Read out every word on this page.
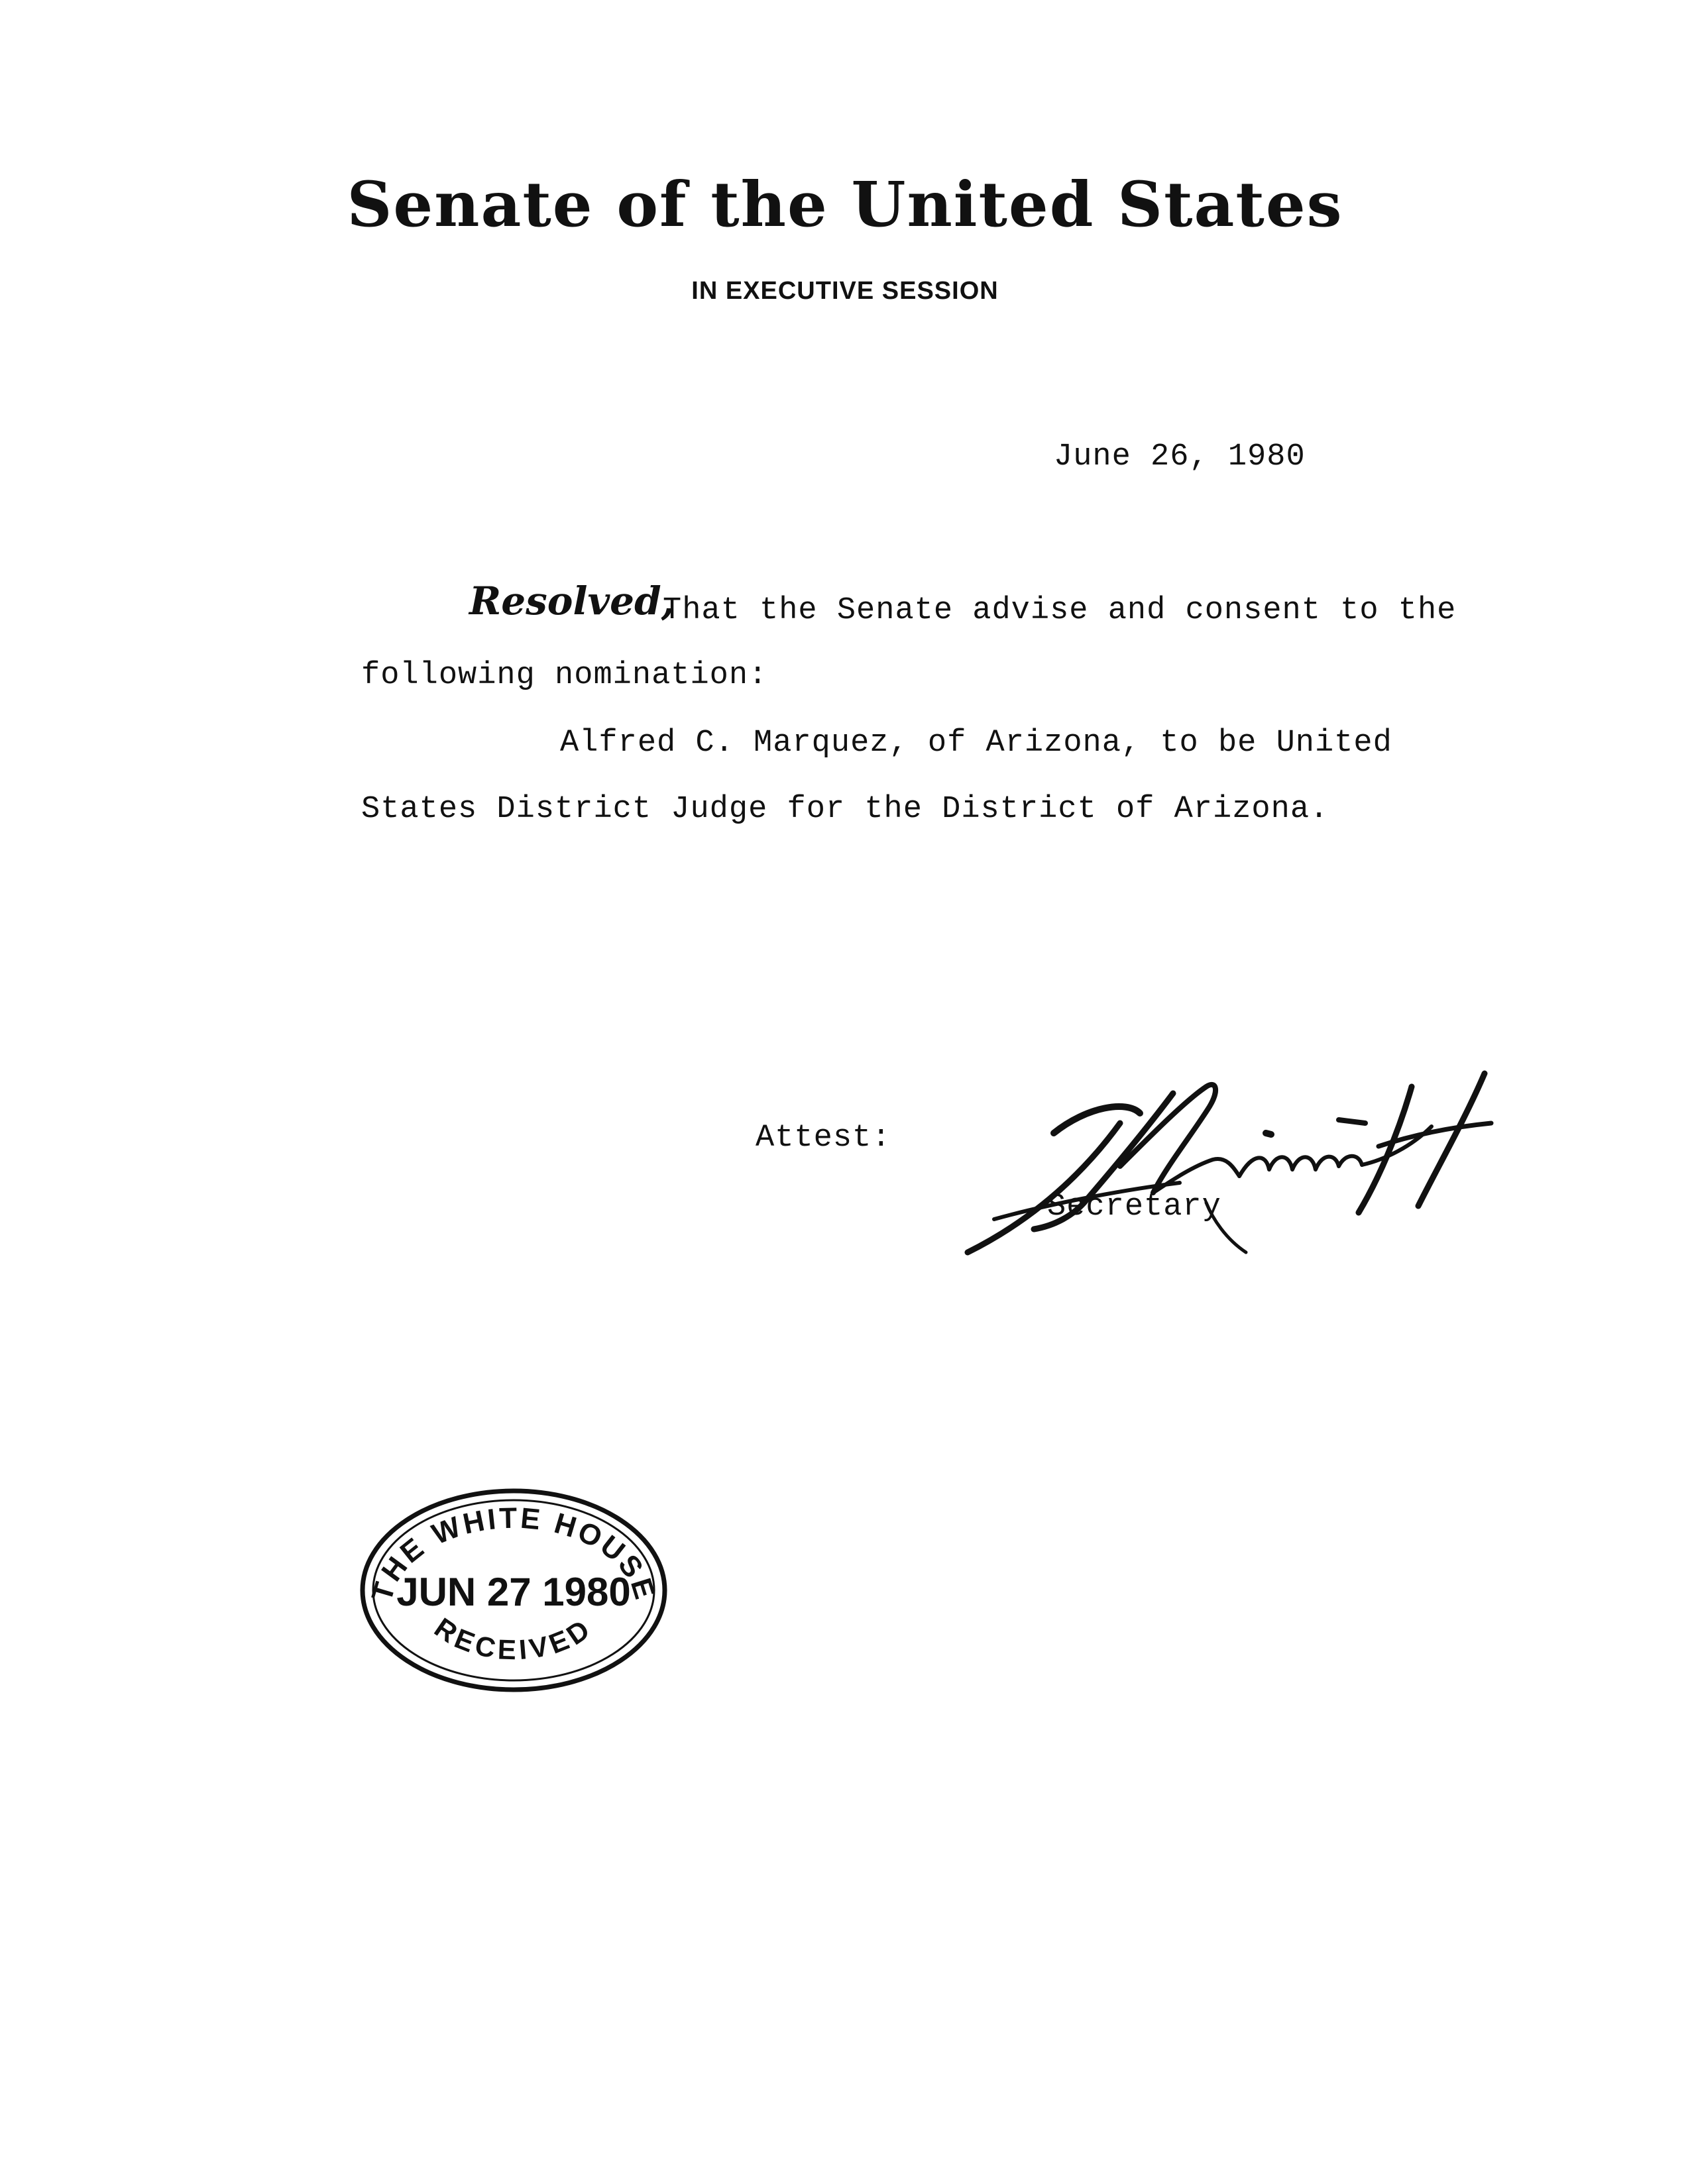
Senate of the United States
IN EXECUTIVE SESSION
June 26, 1980
Resolved,
That the Senate advise and consent to the
following nomination:
Alfred C. Marquez, of Arizona, to be United
States District Judge for the District of Arizona.
Attest:
Secretary
THE WHITE HOUSE
JUN 27 1980
RECEIVED
